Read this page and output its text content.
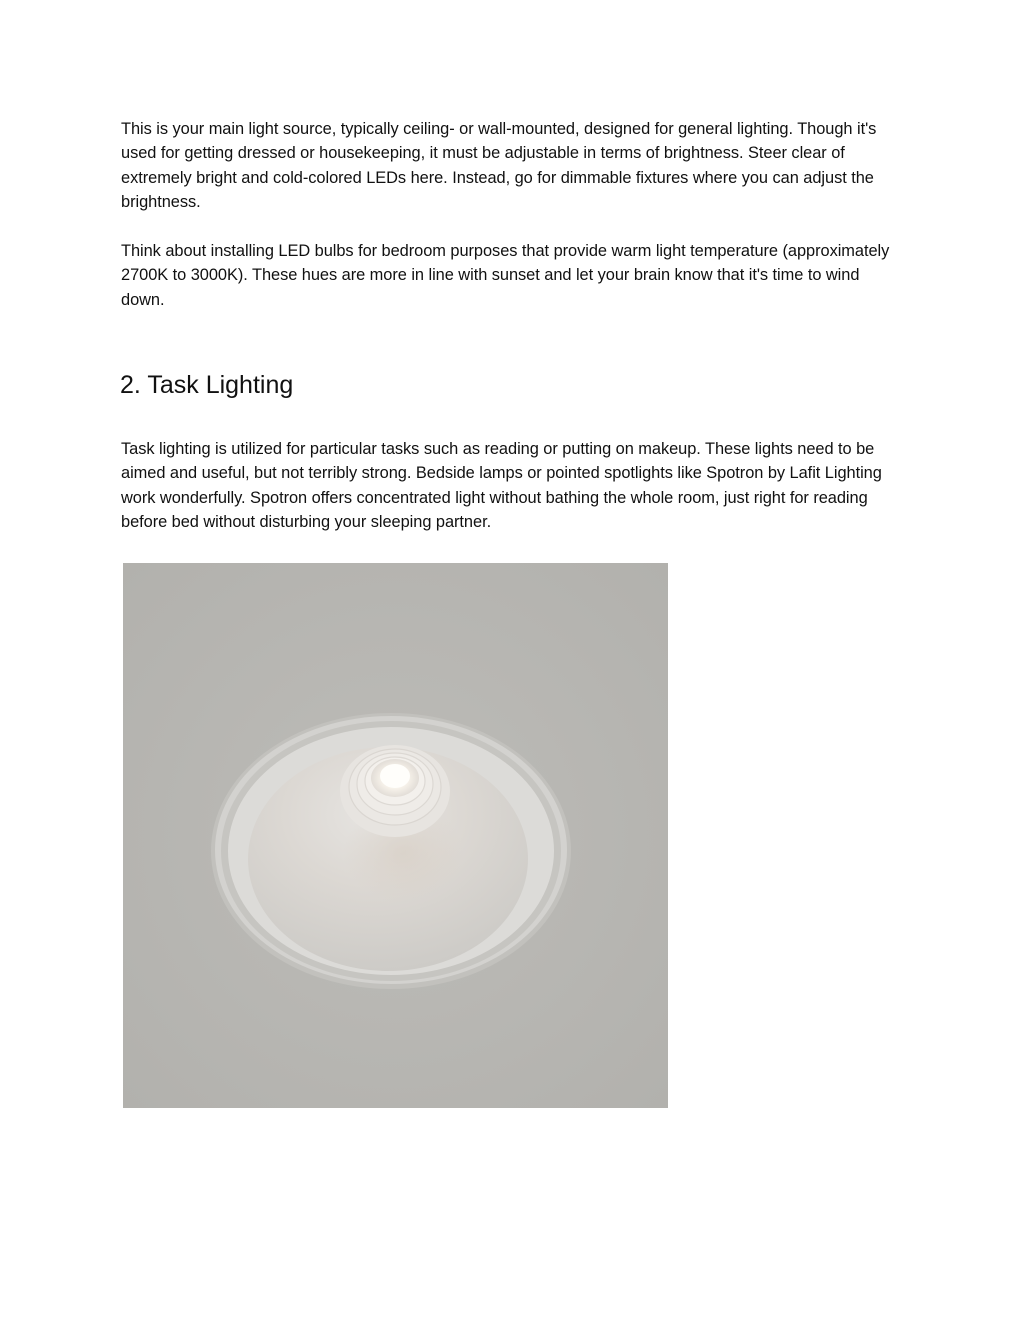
This is your main light source, typically ceiling- or wall-mounted, designed for general lighting. Though it's used for getting dressed or housekeeping, it must be adjustable in terms of brightness. Steer clear of extremely bright and cold-colored LEDs here. Instead, go for dimmable fixtures where you can adjust the brightness.

Think about installing LED bulbs for bedroom purposes that provide warm light temperature (approximately 2700K to 3000K). These hues are more in line with sunset and let your brain know that it's time to wind down.

2. Task Lighting

Task lighting is utilized for particular tasks such as reading or putting on makeup. These lights need to be aimed and useful, but not terribly strong. Bedside lamps or pointed spotlights like Spotron by Lafit Lighting work wonderfully. Spotron offers concentrated light without bathing the whole room, just right for reading before bed without disturbing your sleeping partner.
